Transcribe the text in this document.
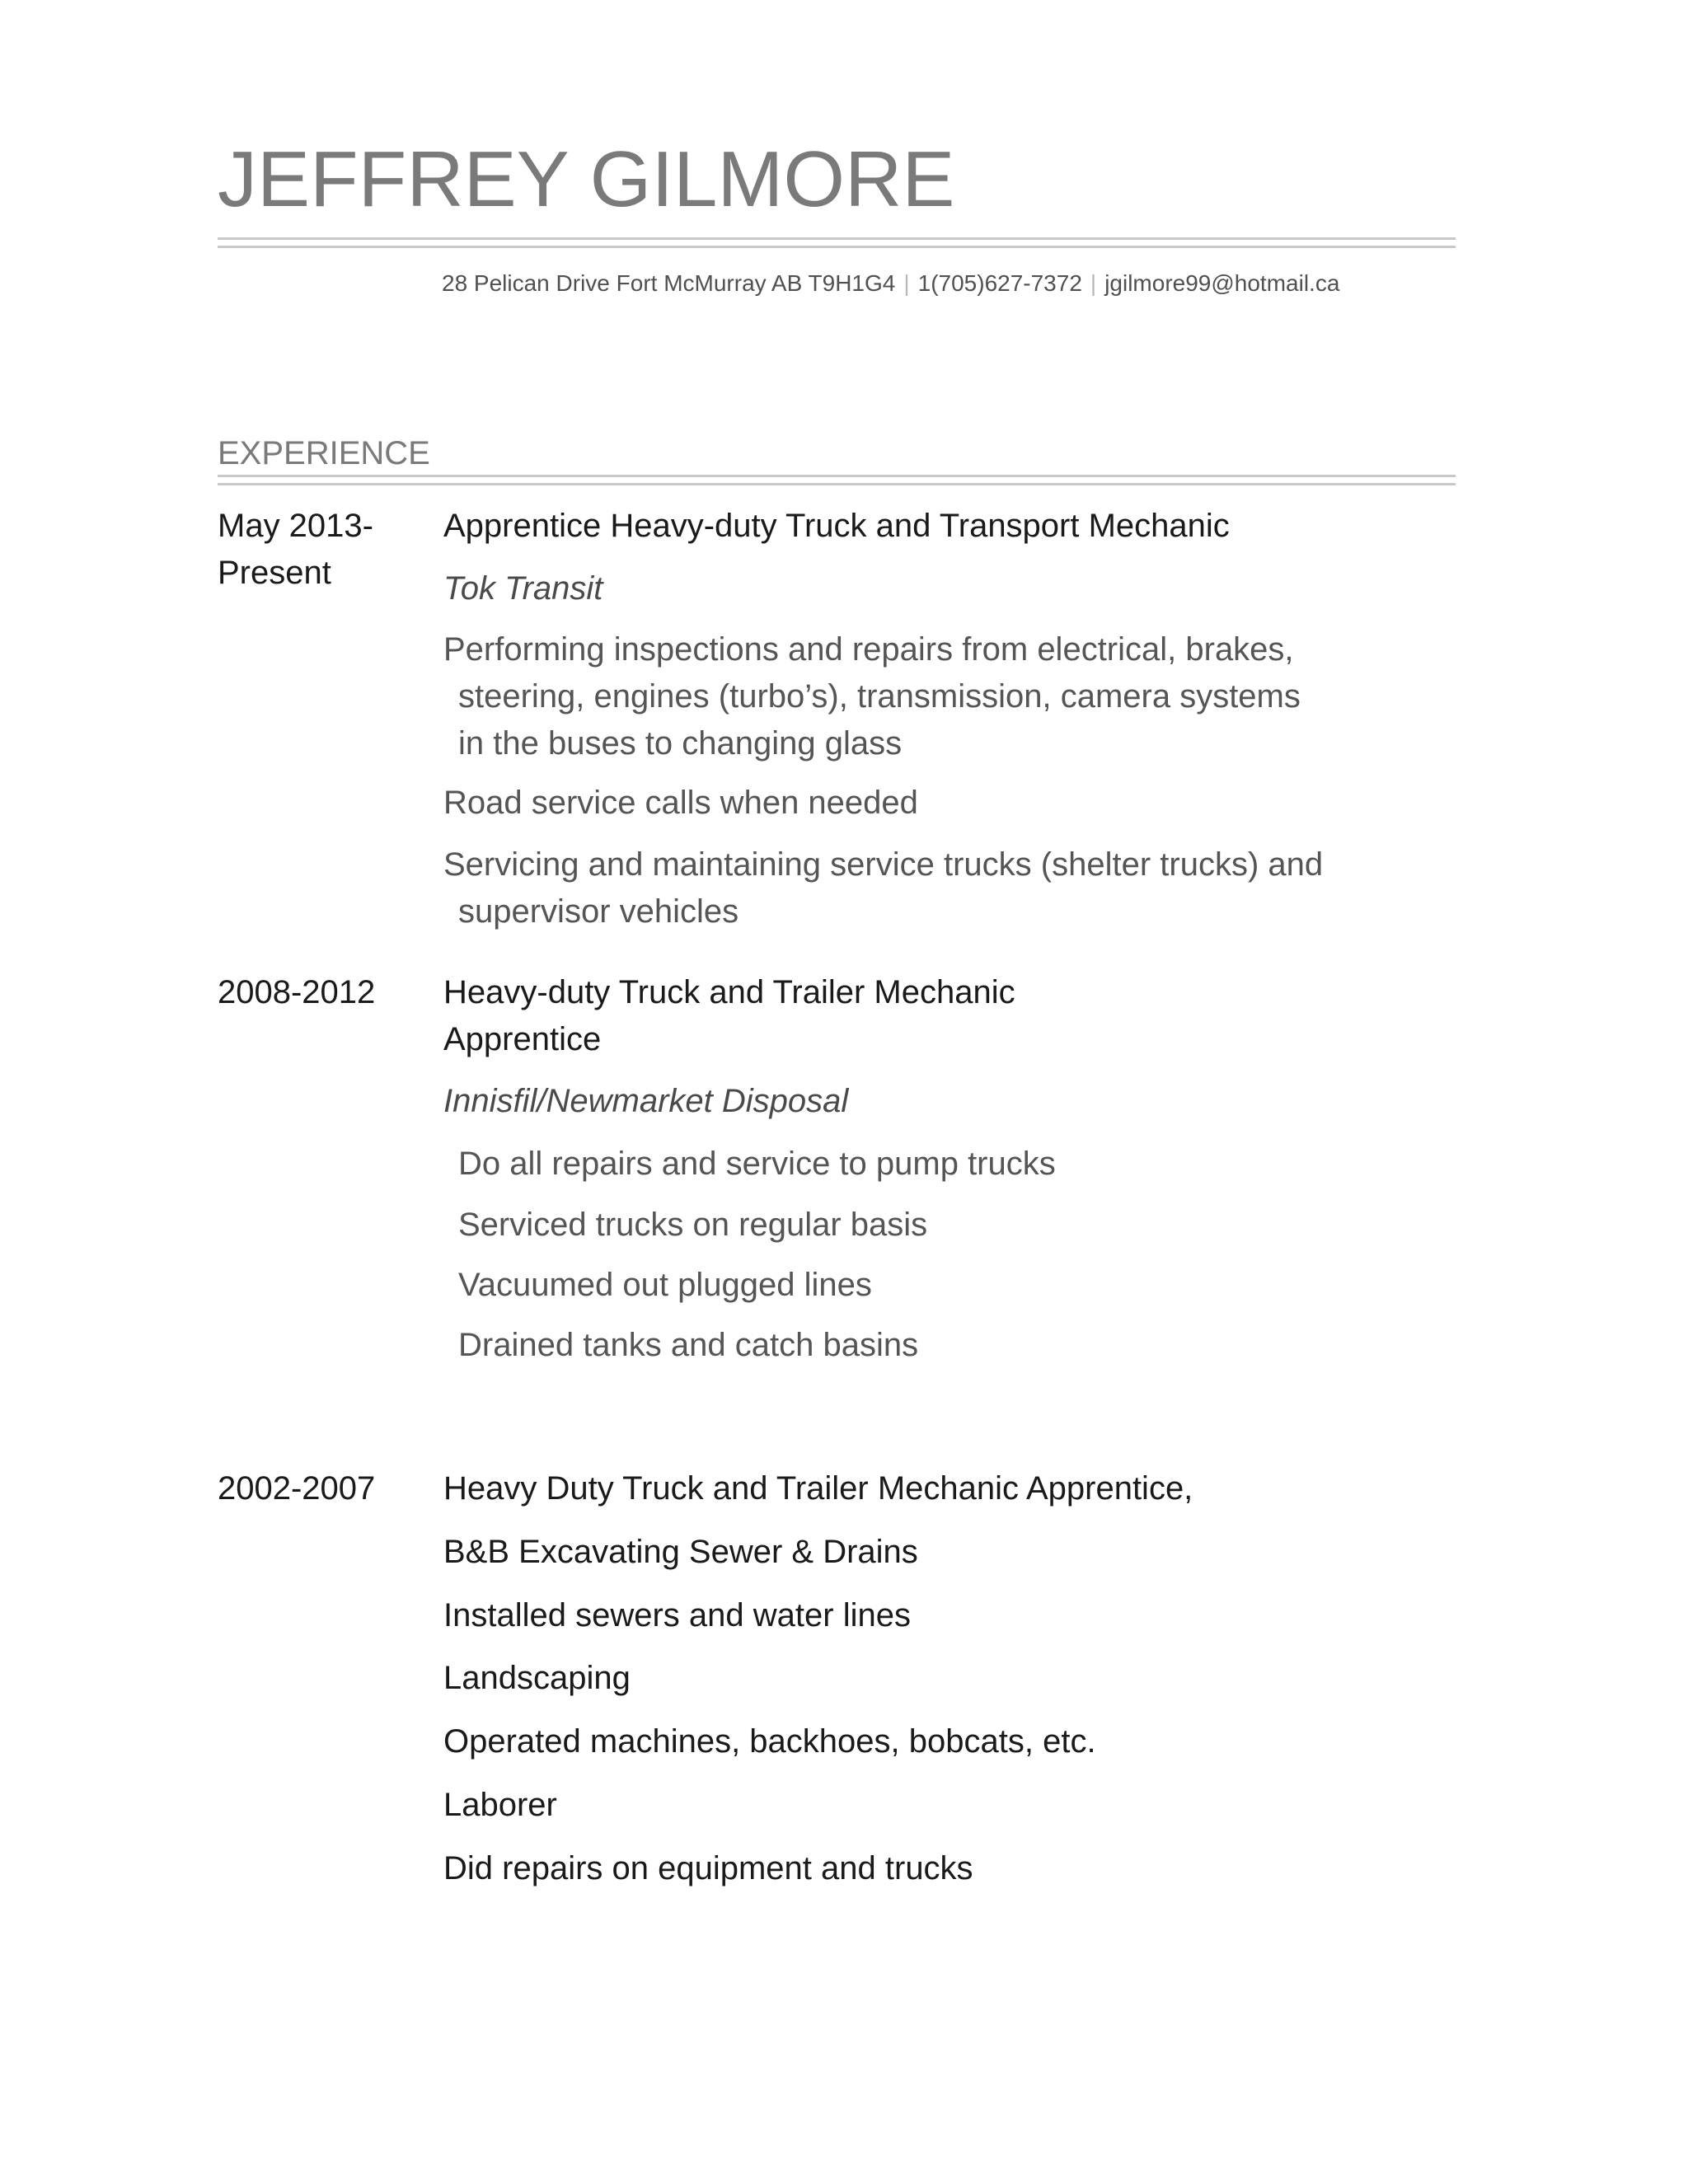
JEFFREY GILMORE
28 Pelican Drive Fort McMurray AB T9H1G4 | 1(705)627-7372 | jgilmore99@hotmail.ca
EXPERIENCE
May 2013-
Present
Apprentice Heavy-duty Truck and Transport Mechanic
Tok Transit
Performing inspections and repairs from electrical, brakes,
steering, engines (turbo’s), transmission, camera systems
in the buses to changing glass
Road service calls when needed
Servicing and maintaining service trucks (shelter trucks) and
supervisor vehicles
2008-2012 Heavy-duty Truck and Trailer Mechanic
Apprentice
Innisfil/Newmarket Disposal
Do all repairs and service to pump trucks
Serviced trucks on regular basis
Vacuumed out plugged lines
Drained tanks and catch basins
2002-2007 Heavy Duty Truck and Trailer Mechanic Apprentice,
B&B Excavating Sewer & Drains
Installed sewers and water lines
Landscaping
Operated machines, backhoes, bobcats, etc.
Laborer
Did repairs on equipment and trucks
